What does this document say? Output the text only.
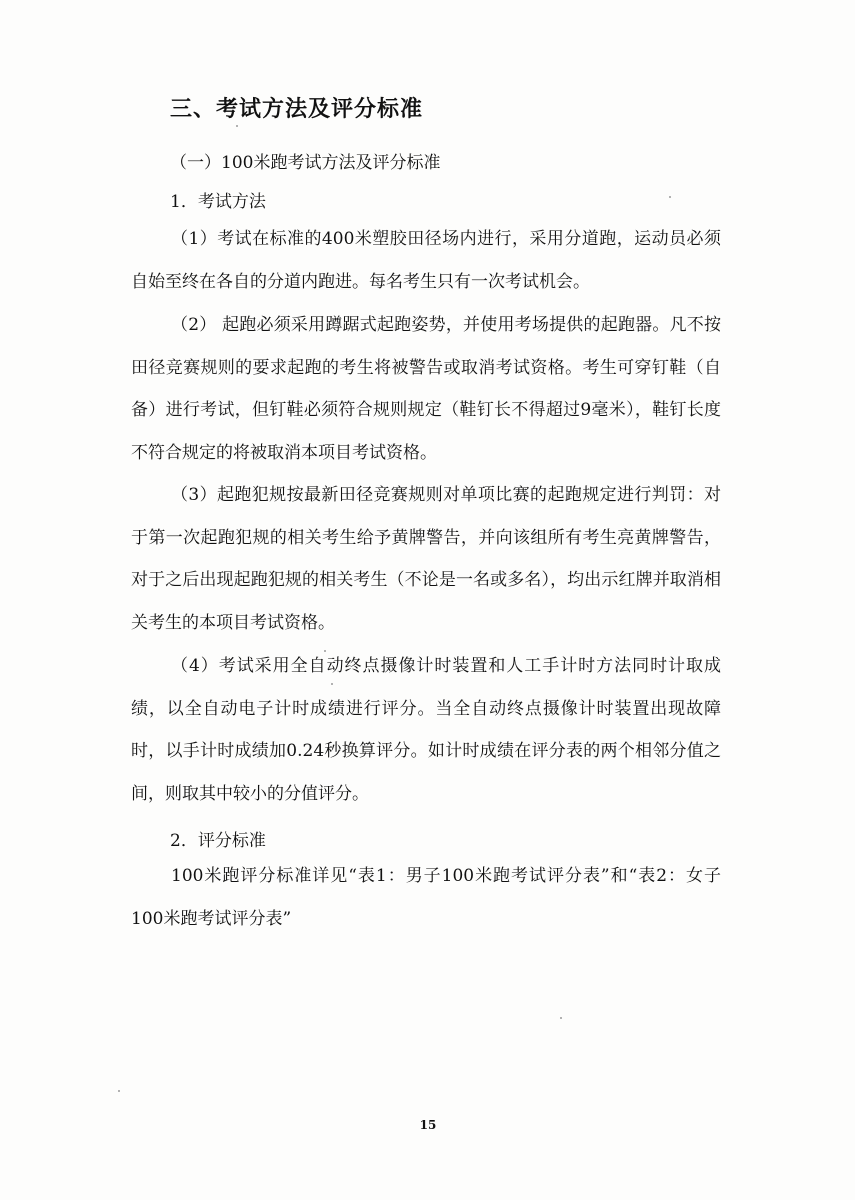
三、考试方法及评分标准
（一）100米跑考试方法及评分标准
1．考试方法

（1）考试在标准的400米塑胶田径场内进行，采用分道跑，运动员必须自始至终在各自的分道内跑进。每名考生只有一次考试机会。

（2） 起跑必须采用蹲踞式起跑姿势，并使用考场提供的起跑器。凡不按田径竞赛规则的要求起跑的考生将被警告或取消考试资格。考生可穿钉鞋（自备）进行考试，但钉鞋必须符合规则规定（鞋钉长不得超过9毫米），鞋钉长度不符合规定的将被取消本项目考试资格。

（3）起跑犯规按最新田径竞赛规则对单项比赛的起跑规定进行判罚：对于第一次起跑犯规的相关考生给予黄牌警告，并向该组所有考生亮黄牌警告，对于之后出现起跑犯规的相关考生（不论是一名或多名），均出示红牌并取消相关考生的本项目考试资格。

（4）考试采用全自动终点摄像计时装置和人工手计时方法同时计取成绩，以全自动电子计时成绩进行评分。当全自动终点摄像计时装置出现故障时，以手计时成绩加0.24秒换算评分。如计时成绩在评分表的两个相邻分值之间，则取其中较小的分值评分。

2．评分标准

100米跑评分标准详见“表1：男子100米跑考试评分表”和“表2：女子100米跑考试评分表”

15
